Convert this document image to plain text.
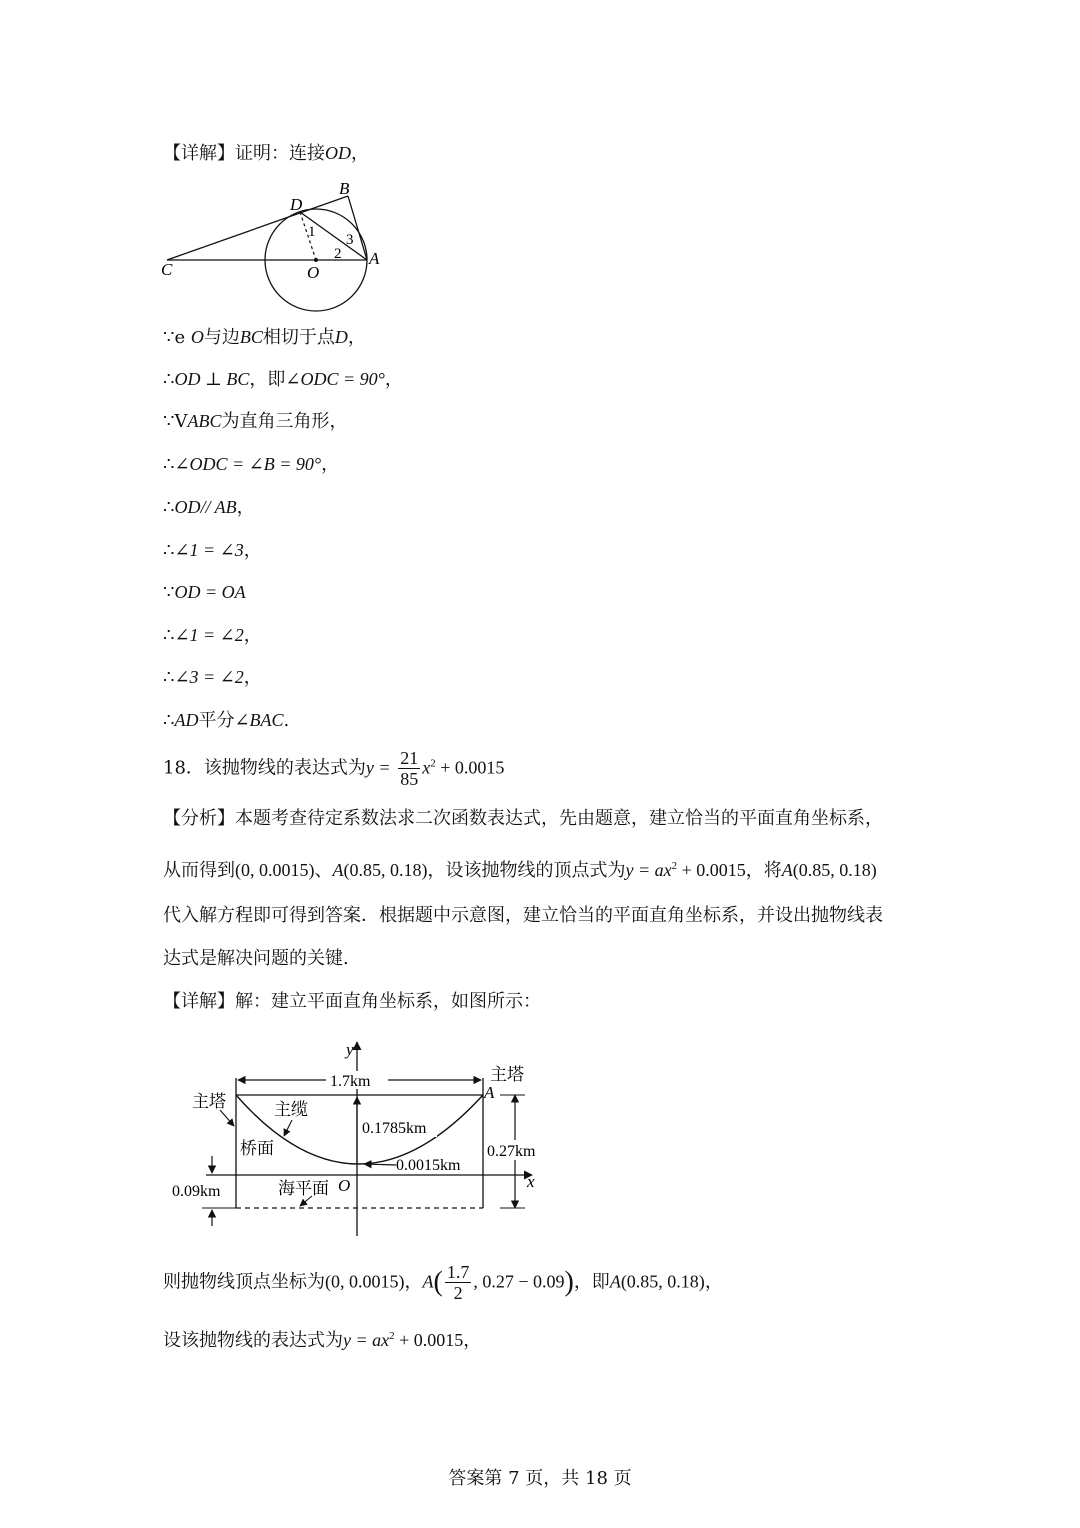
【详解】证明：连接OD，
B
D
C	O
A
1
2
3
∵e O与边BC相切于点D，
∴OD ⊥ BC，即∠ODC = 90°，
∵VABC为直角三角形，
∴∠ODC = ∠B = 90°，
∴OD// AB，
∴∠1 = ∠3，
∵OD = OA
∴∠1 = ∠2，
∴∠3 = ∠2，
∴AD平分∠BAC.
18．该抛物线的表达式为$y = \frac{21}{85} x^2 + 0.0015$
【分析】本题考查待定系数法求二次函数表达式，先由题意，建立恰当的平面直角坐标系，
从而得到(0, 0.0015)、A(0.85, 0.18)，设该抛物线的顶点式为$y = ax^2 + 0.0015$，将A(0.85, 0.18)
代入解方程即可得到答案．根据题中示意图，建立恰当的平面直角坐标系，并设出抛物线表
达式是解决问题的关键.
【详解】解：建立平面直角坐标系，如图所示：
1.7km
0.1785km
0.0015km
0.27km
0.09km
y
x
O
A
主塔
主塔	主缆
桥面
海平面
则抛物线顶点坐标为(0, 0.0015)，$A( \frac{1.7}{2}$ , 0.27 − 0.09)，即A(0.85, 0.18)，
设该抛物线的表达式为$y = ax^2 + 0.0015$，
答案第 7 页，共 18 页
